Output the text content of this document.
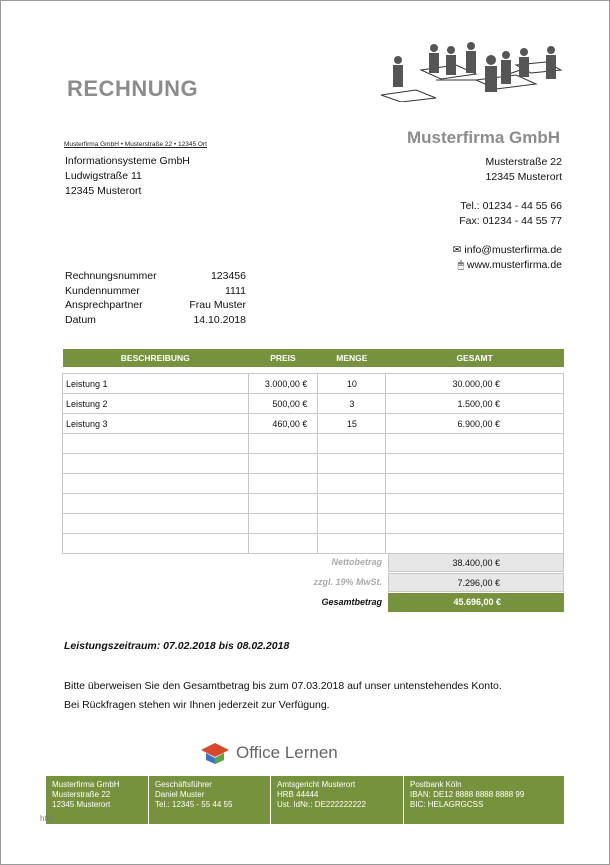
RECHNUNG
Musterfirma GmbH
Musterfirma GmbH • Musterstraße 22 • 12345 Ort
Informationsysteme GmbH
Ludwigstraße 11
12345 Musterort
Musterstraße 22
12345 Musterort
Tel.: 01234 - 44 55 66
Fax: 01234 - 44 55 77
✉ info@musterfirma.de
🖱 www.musterfirma.de
Rechnungsnummer	123456
Kundennummer	1111
Ansprechpartner	Frau Muster
Datum	14.10.2018
BESCHREIBUNG	PREIS	MENGE	GESAMT

Leistung 1	3.000,00 €	10	30.000,00 €
Leistung 2	500,00 €	3	1.500,00 €
Leistung 3	460,00 €	15	6.900,00 €

Nettobetrag	38.400,00 €
zzgl. 19% MwSt.	7.296,00 €
Gesamtbetrag	45.696,00 €
Leistungszeitraum: 07.02.2018 bis 08.02.2018
Bitte überweisen Sie den Gesamtbetrag bis zum 07.03.2018 auf unser untenstehendes Konto.
Bei Rückfragen stehen wir Ihnen jederzeit zur Verfügung.
Office Lernen
Musterfirma GmbH
Musterstraße 22
12345 Musterort
Geschäftsführer
Daniel Muster
Tel.: 12345 - 55 44 55
Amtsgericht Musterort
HRB 44444
Ust. IdNr.: DE222222222
Postbank Köln
IBAN: DE12 8888 8888 8888 99
BIC: HELAGRGCSS
http
